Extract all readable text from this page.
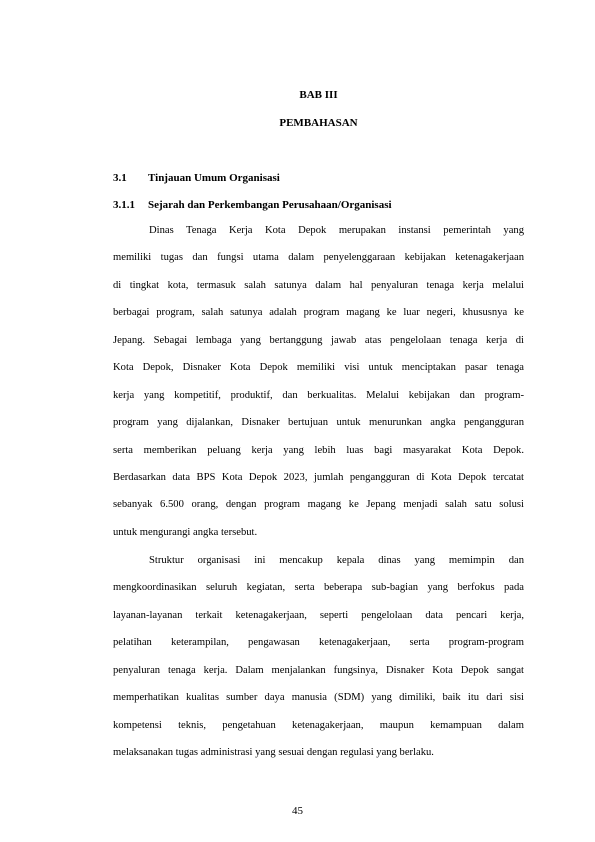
BAB III
PEMBAHASAN
3.1 Tinjauan Umum Organisasi
3.1.1 Sejarah dan Perkembangan Perusahaan/Organisasi
Dinas Tenaga Kerja Kota Depok merupakan instansi pemerintah yang
memiliki tugas dan fungsi utama dalam penyelenggaraan kebijakan ketenagakerjaan
di tingkat kota, termasuk salah satunya dalam hal penyaluran tenaga kerja melalui
berbagai program, salah satunya adalah program magang ke luar negeri, khususnya ke
Jepang. Sebagai lembaga yang bertanggung jawab atas pengelolaan tenaga kerja di
Kota Depok, Disnaker Kota Depok memiliki visi untuk menciptakan pasar tenaga
kerja yang kompetitif, produktif, dan berkualitas. Melalui kebijakan dan program-
program yang dijalankan, Disnaker bertujuan untuk menurunkan angka pengangguran
serta memberikan peluang kerja yang lebih luas bagi masyarakat Kota Depok.
Berdasarkan data BPS Kota Depok 2023, jumlah pengangguran di Kota Depok tercatat
sebanyak 6.500 orang, dengan program magang ke Jepang menjadi salah satu solusi
untuk mengurangi angka tersebut.
Struktur organisasi ini mencakup kepala dinas yang memimpin dan
mengkoordinasikan seluruh kegiatan, serta beberapa sub-bagian yang berfokus pada
layanan-layanan terkait ketenagakerjaan, seperti pengelolaan data pencari kerja,
pelatihan keterampilan, pengawasan ketenagakerjaan, serta program-program
penyaluran tenaga kerja. Dalam menjalankan fungsinya, Disnaker Kota Depok sangat
memperhatikan kualitas sumber daya manusia (SDM) yang dimiliki, baik itu dari sisi
kompetensi teknis, pengetahuan ketenagakerjaan, maupun kemampuan dalam
melaksanakan tugas administrasi yang sesuai dengan regulasi yang berlaku.
45
